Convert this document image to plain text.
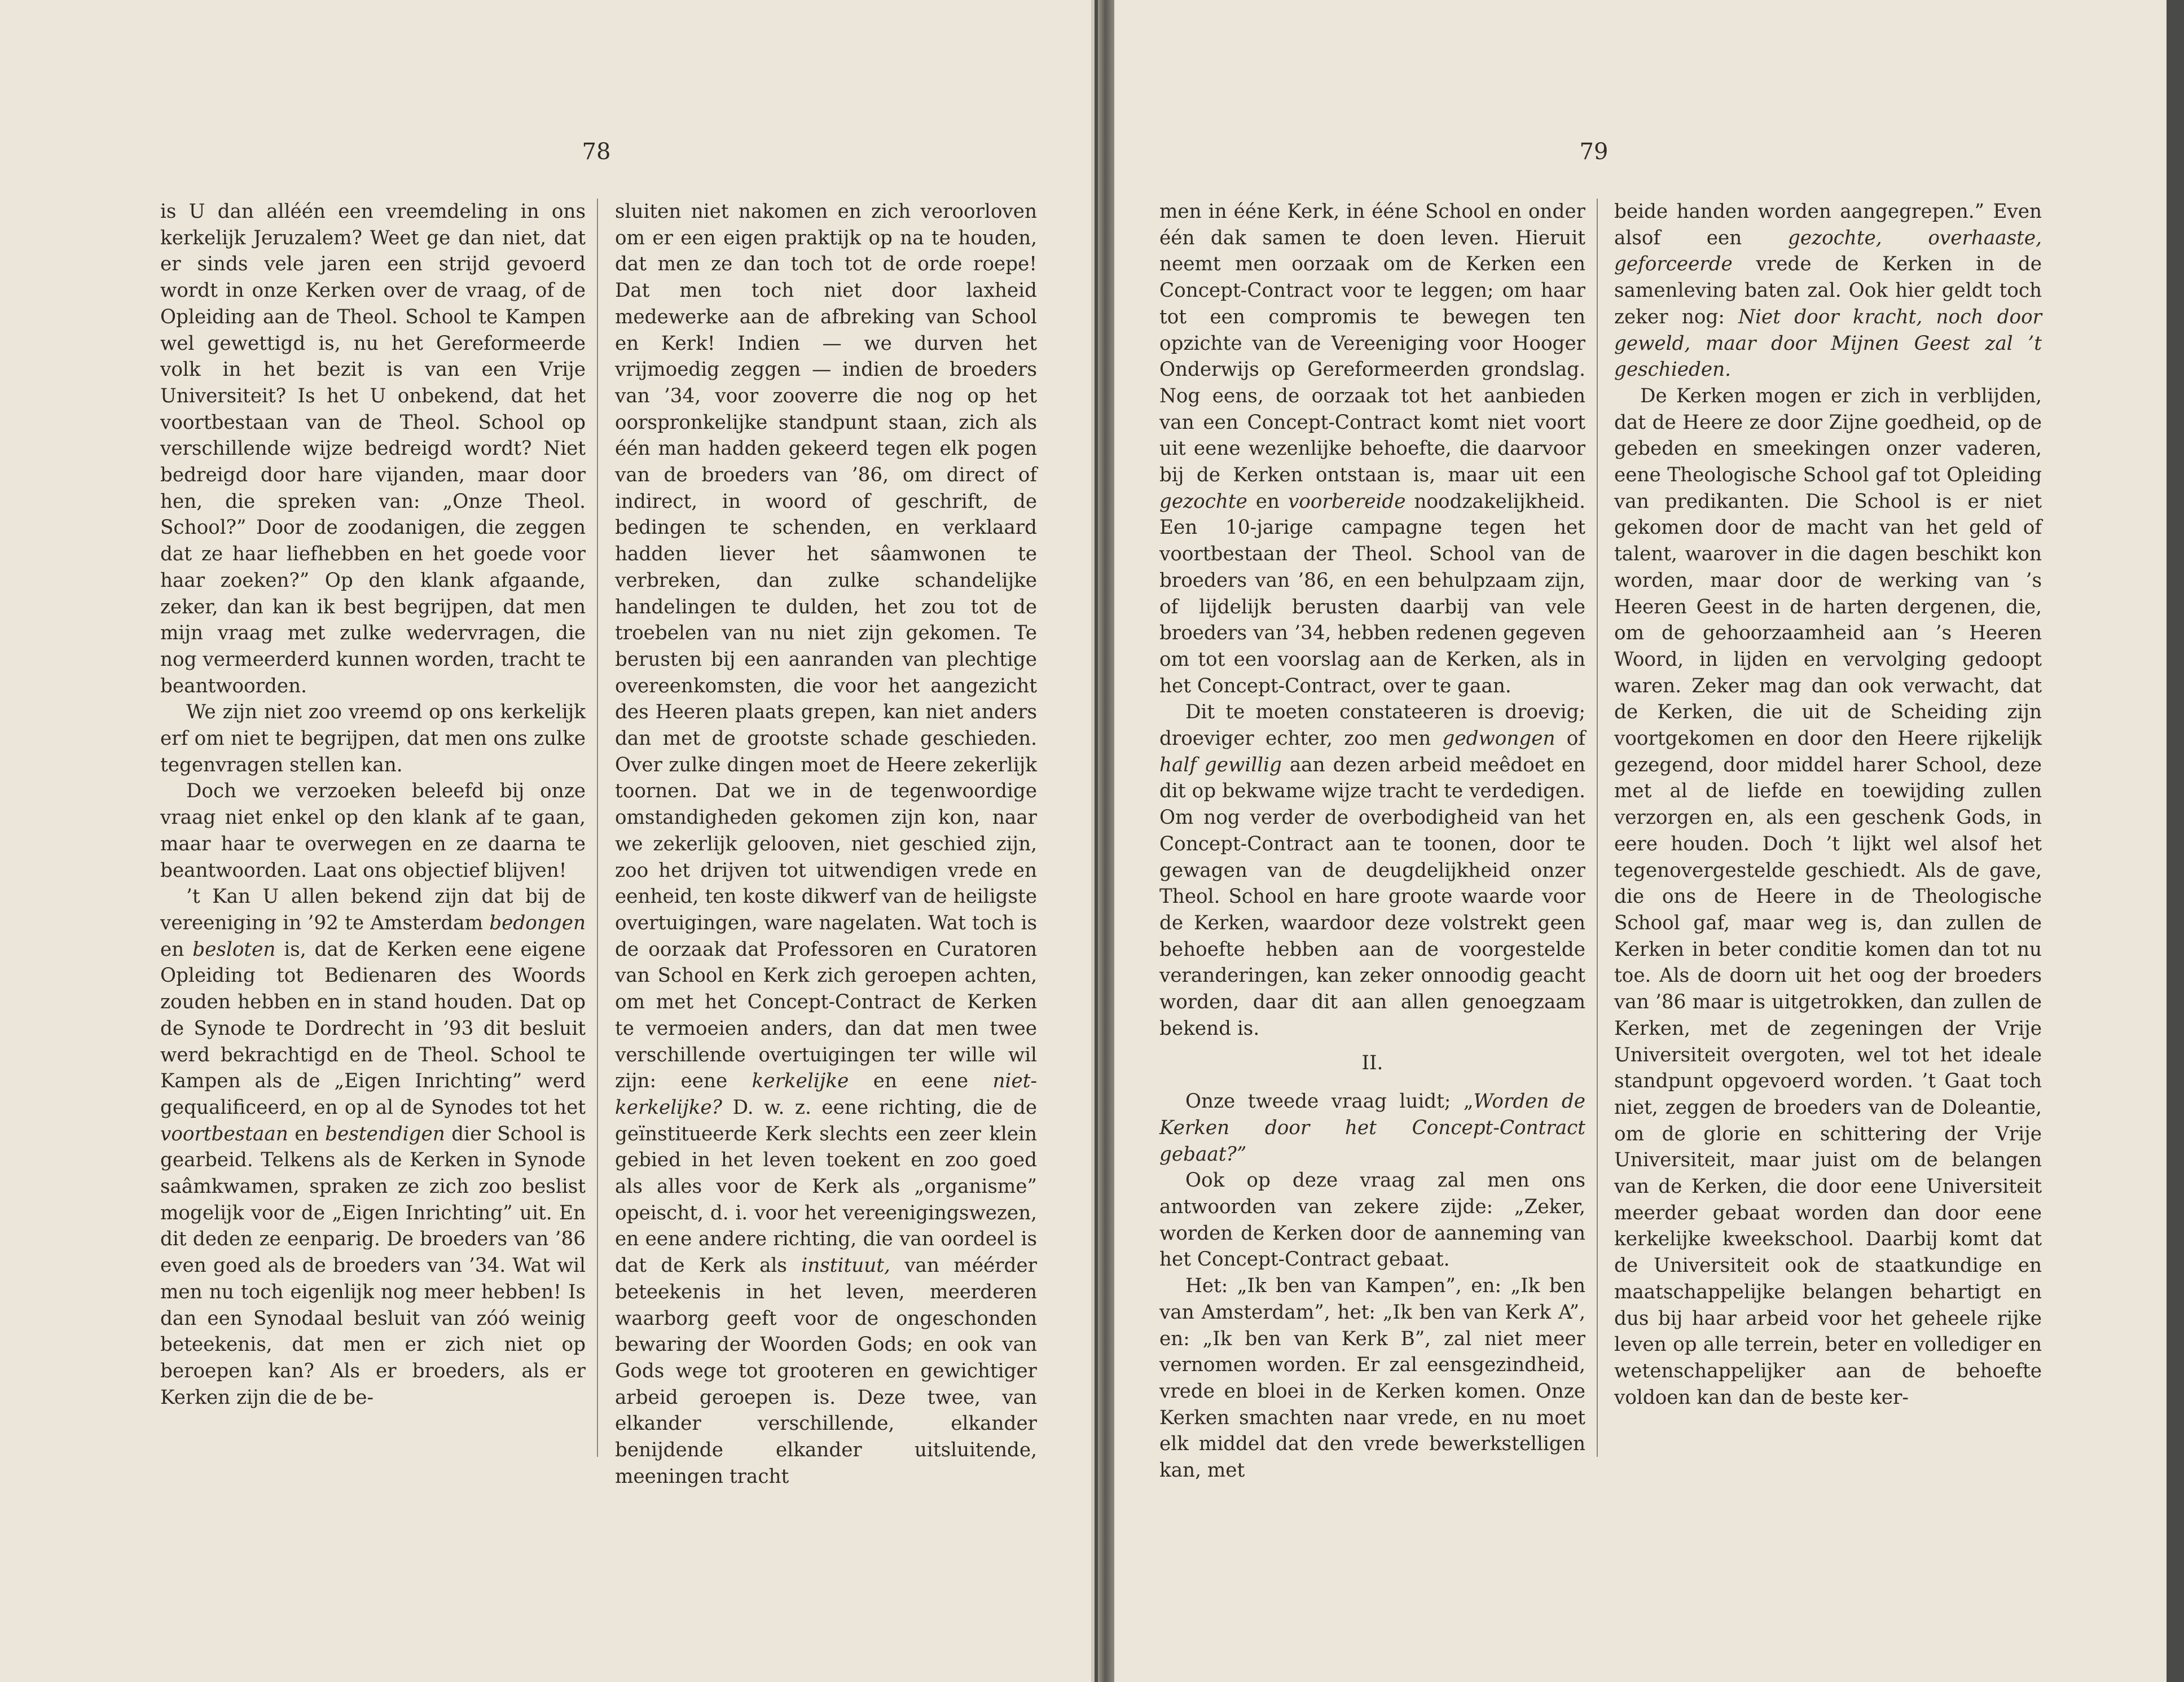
78

is U dan alléén een vreemdeling in ons kerkelijk Jeruzalem? Weet ge dan niet, dat er sinds vele jaren een strijd gevoerd wordt in onze Kerken over de vraag, of de Opleiding aan de Theol. School te Kampen wel gewettigd is, nu het Gereformeerde volk in het bezit is van een Vrije Universiteit? Is het U onbekend, dat het voortbestaan van de Theol. School op verschillende wijze bedreigd wordt? Niet bedreigd door hare vijanden, maar door hen, die spreken van: „Onze Theol. School?” Door de zoodanigen, die zeggen dat ze haar liefhebben en het goede voor haar zoeken?” Op den klank afgaande, zeker, dan kan ik best begrijpen, dat men mijn vraag met zulke wedervragen, die nog vermeerderd kunnen worden, tracht te beantwoorden.

We zijn niet zoo vreemd op ons kerkelijk erf om niet te begrijpen, dat men ons zulke tegenvragen stellen kan.

Doch we verzoeken beleefd bij onze vraag niet enkel op den klank af te gaan, maar haar te overwegen en ze daarna te beantwoorden. Laat ons objectief blijven!

’t Kan U allen bekend zijn dat bij de vereeniging in ’92 te Amsterdam bedongen en besloten is, dat de Kerken eene eigene Opleiding tot Bedienaren des Woords zouden hebben en in stand houden. Dat op de Synode te Dordrecht in ’93 dit besluit werd bekrachtigd en de Theol. School te Kampen als de „Eigen Inrichting” werd gequalificeerd, en op al de Synodes tot het voortbestaan en bestendigen dier School is gearbeid. Telkens als de Kerken in Synode saâmkwamen, spraken ze zich zoo beslist mogelijk voor de „Eigen Inrichting” uit. En dit deden ze eenparig. De broeders van ’86 even goed als de broeders van ’34. Wat wil men nu toch eigenlijk nog meer hebben! Is dan een Synodaal besluit van zóó weinig beteekenis, dat men er zich niet op beroepen kan? Als er broeders, als er Kerken zijn die de be-

sluiten niet nakomen en zich veroorloven om er een eigen praktijk op na te houden, dat men ze dan toch tot de orde roepe! Dat men toch niet door laxheid medewerke aan de afbreking van School en Kerk! Indien — we durven het vrijmoedig zeggen — indien de broeders van ’34, voor zooverre die nog op het oorspronkelijke standpunt staan, zich als één man hadden gekeerd tegen elk pogen van de broeders van ’86, om direct of indirect, in woord of geschrift, de bedingen te schenden, en verklaard hadden liever het sâamwonen te verbreken, dan zulke schandelijke handelingen te dulden, het zou tot de troebelen van nu niet zijn gekomen. Te berusten bij een aanranden van plechtige overeenkomsten, die voor het aangezicht des Heeren plaats grepen, kan niet anders dan met de grootste schade geschieden. Over zulke dingen moet de Heere zekerlijk toornen. Dat we in de tegenwoordige omstandigheden gekomen zijn kon, naar we zekerlijk gelooven, niet geschied zijn, zoo het drijven tot uitwendigen vrede en eenheid, ten koste dikwerf van de heiligste overtuigingen, ware nagelaten. Wat toch is de oorzaak dat Professoren en Curatoren van School en Kerk zich geroepen achten, om met het Concept-Contract de Kerken te vermoeien anders, dan dat men twee verschillende overtuigingen ter wille wil zijn: eene kerkelijke en eene niet-kerkelijke? D. w. z. eene richting, die de geïnstitueerde Kerk slechts een zeer klein gebied in het leven toekent en zoo goed als alles voor de Kerk als „organisme” opeischt, d. i. voor het vereenigingswezen, en eene andere richting, die van oordeel is dat de Kerk als instituut, van méérder beteekenis in het leven, meerderen waarborg geeft voor de ongeschonden bewaring der Woorden Gods; en ook van Gods wege tot grooteren en gewichtiger arbeid geroepen is. Deze twee, van elkander verschillende, elkander benijdende elkander uitsluitende, meeningen tracht

79

men in ééne Kerk, in ééne School en onder één dak samen te doen leven. Hieruit neemt men oorzaak om de Kerken een Concept-Contract voor te leggen; om haar tot een compromis te bewegen ten opzichte van de Vereeniging voor Hooger Onderwijs op Gereformeerden grondslag. Nog eens, de oorzaak tot het aanbieden van een Concept-Contract komt niet voort uit eene wezenlijke behoefte, die daarvoor bij de Kerken ontstaan is, maar uit een gezochte en voorbereide noodzakelijkheid. Een 10-jarige campagne tegen het voortbestaan der Theol. School van de broeders van ’86, en een behulpzaam zijn, of lijdelijk berusten daarbij van vele broeders van ’34, hebben redenen gegeven om tot een voorslag aan de Kerken, als in het Concept-Contract, over te gaan.

Dit te moeten constateeren is droevig; droeviger echter, zoo men gedwongen of half gewillig aan dezen arbeid meêdoet en dit op bekwame wijze tracht te verdedigen. Om nog verder de overbodigheid van het Concept-Contract aan te toonen, door te gewagen van de deugdelijkheid onzer Theol. School en hare groote waarde voor de Kerken, waardoor deze volstrekt geen behoefte hebben aan de voorgestelde veranderingen, kan zeker onnoodig geacht worden, daar dit aan allen genoegzaam bekend is.

II.

Onze tweede vraag luidt; „Worden de Kerken door het Concept-Contract gebaat?”

Ook op deze vraag zal men ons antwoorden van zekere zijde: „Zeker, worden de Kerken door de aanneming van het Concept-Contract gebaat.

Het: „Ik ben van Kampen”, en: „Ik ben van Amsterdam”, het: „Ik ben van Kerk A”, en: „Ik ben van Kerk B”, zal niet meer vernomen worden. Er zal eensgezindheid, vrede en bloei in de Kerken komen. Onze Kerken smachten naar vrede, en nu moet elk middel dat den vrede bewerkstelligen kan, met

beide handen worden aangegrepen.” Even alsof een gezochte, overhaaste, geforceerde vrede de Kerken in de samenleving baten zal. Ook hier geldt toch zeker nog: Niet door kracht, noch door geweld, maar door Mijnen Geest zal ’t geschieden.

De Kerken mogen er zich in verblijden, dat de Heere ze door Zijne goedheid, op de gebeden en smeekingen onzer vaderen, eene Theologische School gaf tot Opleiding van predikanten. Die School is er niet gekomen door de macht van het geld of talent, waarover in die dagen beschikt kon worden, maar door de werking van ’s Heeren Geest in de harten dergenen, die, om de gehoorzaamheid aan ’s Heeren Woord, in lijden en vervolging gedoopt waren. Zeker mag dan ook verwacht, dat de Kerken, die uit de Scheiding zijn voortgekomen en door den Heere rijkelijk gezegend, door middel harer School, deze met al de liefde en toewijding zullen verzorgen en, als een geschenk Gods, in eere houden. Doch ’t lijkt wel alsof het tegenovergestelde geschiedt. Als de gave, die ons de Heere in de Theologische School gaf, maar weg is, dan zullen de Kerken in beter conditie komen dan tot nu toe. Als de doorn uit het oog der broeders van ’86 maar is uitgetrokken, dan zullen de Kerken, met de zegeningen der Vrije Universiteit overgoten, wel tot het ideale standpunt opgevoerd worden. ’t Gaat toch niet, zeggen de broeders van de Doleantie, om de glorie en schittering der Vrije Universiteit, maar juist om de belangen van de Kerken, die door eene Universiteit meerder gebaat worden dan door eene kerkelijke kweekschool. Daarbij komt dat de Universiteit ook de staatkundige en maatschappelijke belangen behartigt en dus bij haar arbeid voor het geheele rijke leven op alle terrein, beter en vollediger en wetenschappelijker aan de behoefte voldoen kan dan de beste ker-
